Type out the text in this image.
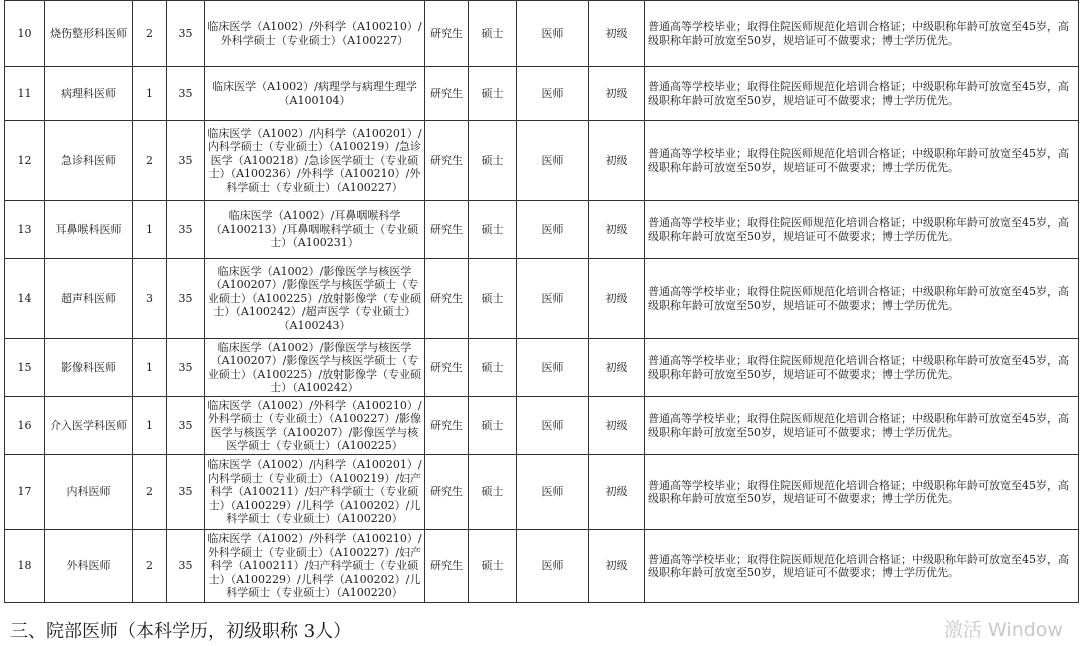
10	烧伤整形科医师	2	35	临床医学（A1002）/外科学（A100210）/外科学硕士（专业硕士）（A100227）	研究生	硕士	医师	初级	普通高等学校毕业；取得住院医师规范化培训合格证；中级职称年龄可放宽至45岁，高级职称年龄可放宽至50岁，规培证可不做要求；博士学历优先。
11	病理科医师	1	35	临床医学（A1002）/病理学与病理生理学（A100104）	研究生	硕士	医师	初级	普通高等学校毕业；取得住院医师规范化培训合格证；中级职称年龄可放宽至45岁，高级职称年龄可放宽至50岁，规培证可不做要求；博士学历优先。
12	急诊科医师	2	35	临床医学（A1002）/内科学（A100201）/内科学硕士（专业硕士）（A100219）/急诊医学（A100218）/急诊医学硕士（专业硕士）（A100236）/外科学（A100210）/外科学硕士（专业硕士）（A100227）	研究生	硕士	医师	初级	普通高等学校毕业；取得住院医师规范化培训合格证；中级职称年龄可放宽至45岁，高级职称年龄可放宽至50岁，规培证可不做要求；博士学历优先。
13	耳鼻喉科医师	1	35	临床医学（A1002）/耳鼻咽喉科学（A100213）/耳鼻咽喉科学硕士（专业硕士）（A100231）	研究生	硕士	医师	初级	普通高等学校毕业；取得住院医师规范化培训合格证；中级职称年龄可放宽至45岁，高级职称年龄可放宽至50岁，规培证可不做要求；博士学历优先。
14	超声科医师	3	35	临床医学（A1002）/影像医学与核医学（A100207）/影像医学与核医学硕士（专业硕士）（A100225）/放射影像学（专业硕士）（A100242）/超声医学（专业硕士）（A100243）	研究生	硕士	医师	初级	普通高等学校毕业；取得住院医师规范化培训合格证；中级职称年龄可放宽至45岁，高级职称年龄可放宽至50岁，规培证可不做要求；博士学历优先。
15	影像科医师	1	35	临床医学（A1002）/影像医学与核医学（A100207）/影像医学与核医学硕士（专业硕士）（A100225）/放射影像学（专业硕士）（A100242）	研究生	硕士	医师	初级	普通高等学校毕业；取得住院医师规范化培训合格证；中级职称年龄可放宽至45岁，高级职称年龄可放宽至50岁，规培证可不做要求；博士学历优先。
16	介入医学科医师	1	35	临床医学（A1002）/外科学（A100210）/外科学硕士（专业硕士）（A100227）/影像医学与核医学（A100207）/影像医学与核医学硕士（专业硕士）（A100225）	研究生	硕士	医师	初级	普通高等学校毕业；取得住院医师规范化培训合格证；中级职称年龄可放宽至45岁，高级职称年龄可放宽至50岁，规培证可不做要求；博士学历优先。
17	内科医师	2	35	临床医学（A1002）/内科学（A100201）/内科学硕士（专业硕士）（A100219）/妇产科学（A100211）/妇产科学硕士（专业硕士）（A100229）/儿科学（A100202）/儿科学硕士（专业硕士）（A100220）	研究生	硕士	医师	初级	普通高等学校毕业；取得住院医师规范化培训合格证；中级职称年龄可放宽至45岁，高级职称年龄可放宽至50岁，规培证可不做要求；博士学历优先。
18	外科医师	2	35	临床医学（A1002）/外科学（A100210）/外科学硕士（专业硕士）（A100227）/妇产科学（A100211）/妇产科学硕士（专业硕士）（A100229）/儿科学（A100202）/儿科学硕士（专业硕士）（A100220）	研究生	硕士	医师	初级	普通高等学校毕业；取得住院医师规范化培训合格证；中级职称年龄可放宽至45岁，高级职称年龄可放宽至50岁，规培证可不做要求；博士学历优先。
三、院部医师（本科学历，初级职称 3人）	激活 Window
